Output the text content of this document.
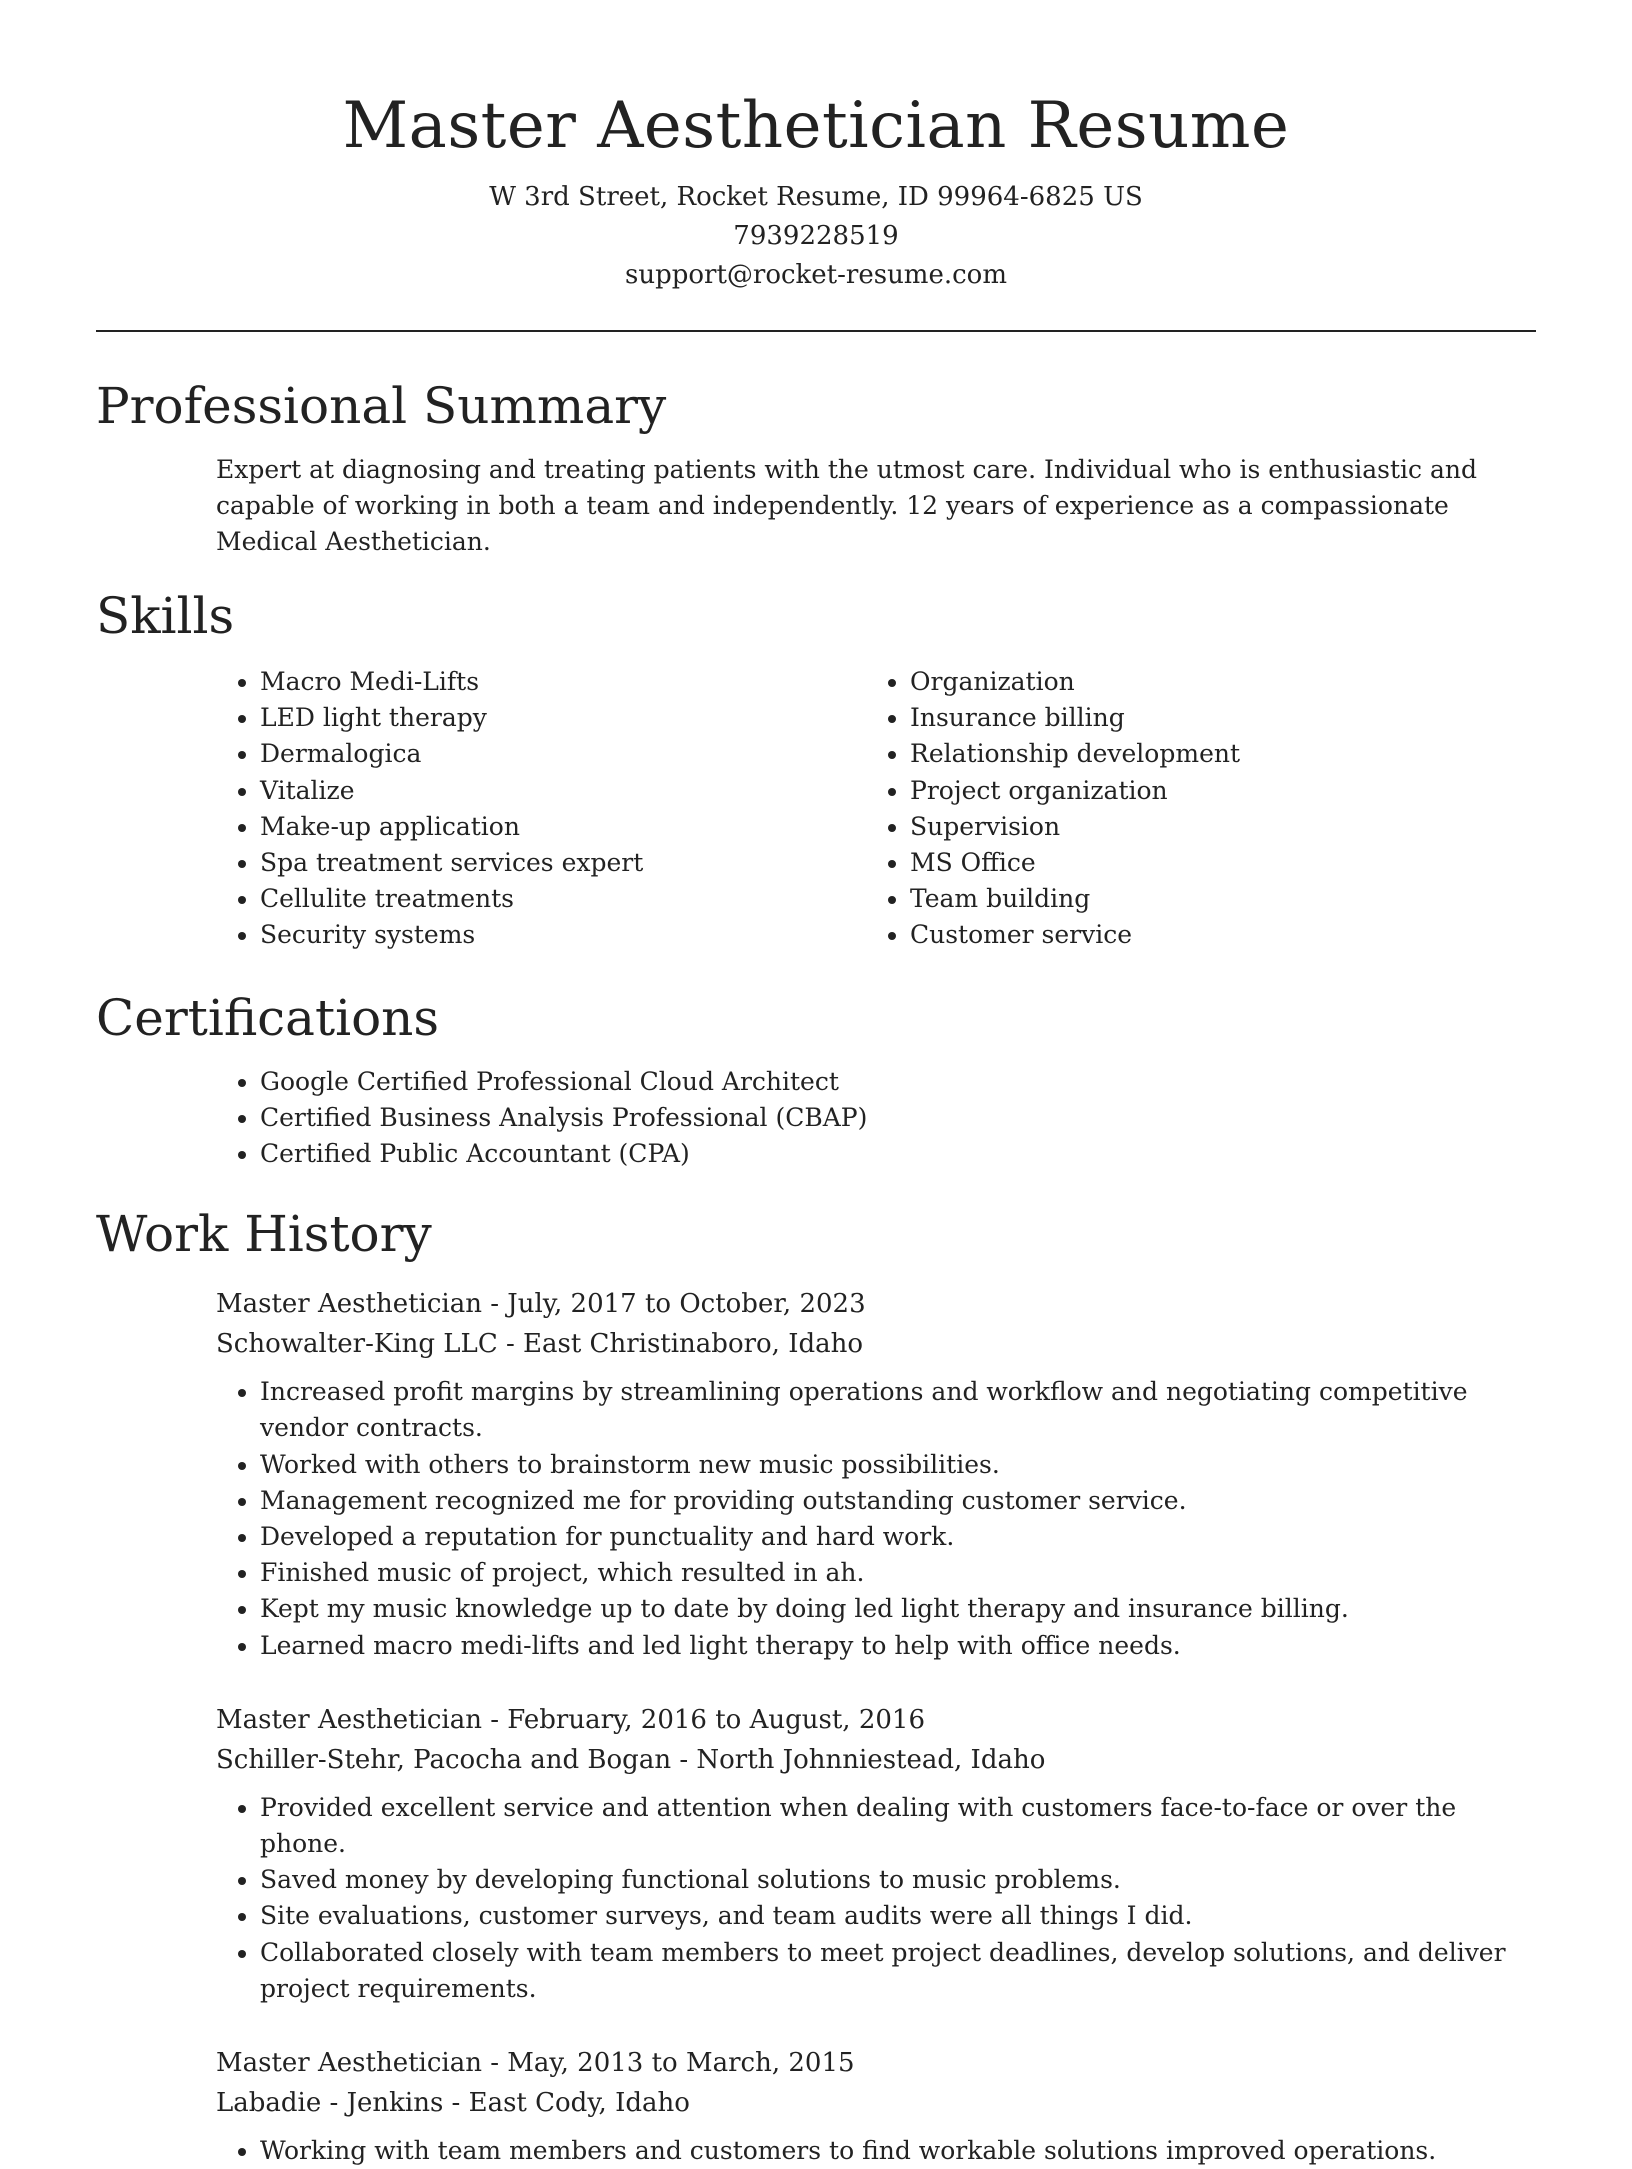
Master Aesthetician Resume
W 3rd Street, Rocket Resume, ID 99964-6825 US
7939228519
support@rocket-resume.com
Professional Summary

Expert at diagnosing and treating patients with the utmost care. Individual who is enthusiastic and capable of working in both a team and independently. 12 years of experience as a compassionate Medical Aesthetician.

Skills
• Macro Medi-Lifts
• LED light therapy
• Dermalogica
• Vitalize
• Make-up application
• Spa treatment services expert
• Cellulite treatments
• Security systems
• Organization
• Insurance billing
• Relationship development
• Project organization
• Supervision
• MS Office
• Team building
• Customer service
Certifications
• Google Certified Professional Cloud Architect
• Certified Business Analysis Professional (CBAP)
• Certified Public Accountant (CPA)
Work History
Master Aesthetician - July, 2017 to October, 2023
Schowalter-King LLC - East Christinaboro, Idaho
• Increased profit margins by streamlining operations and workflow and negotiating competitive vendor contracts.
• Worked with others to brainstorm new music possibilities.
• Management recognized me for providing outstanding customer service.
• Developed a reputation for punctuality and hard work.
• Finished music of project, which resulted in ah.
• Kept my music knowledge up to date by doing led light therapy and insurance billing.
• Learned macro medi-lifts and led light therapy to help with office needs.
Master Aesthetician - February, 2016 to August, 2016
Schiller-Stehr, Pacocha and Bogan - North Johnniestead, Idaho
• Provided excellent service and attention when dealing with customers face-to-face or over the phone.
• Saved money by developing functional solutions to music problems.
• Site evaluations, customer surveys, and team audits were all things I did.
• Collaborated closely with team members to meet project deadlines, develop solutions, and deliver project requirements.
Master Aesthetician - May, 2013 to March, 2015
Labadie - Jenkins - East Cody, Idaho
• Working with team members and customers to find workable solutions improved operations.
